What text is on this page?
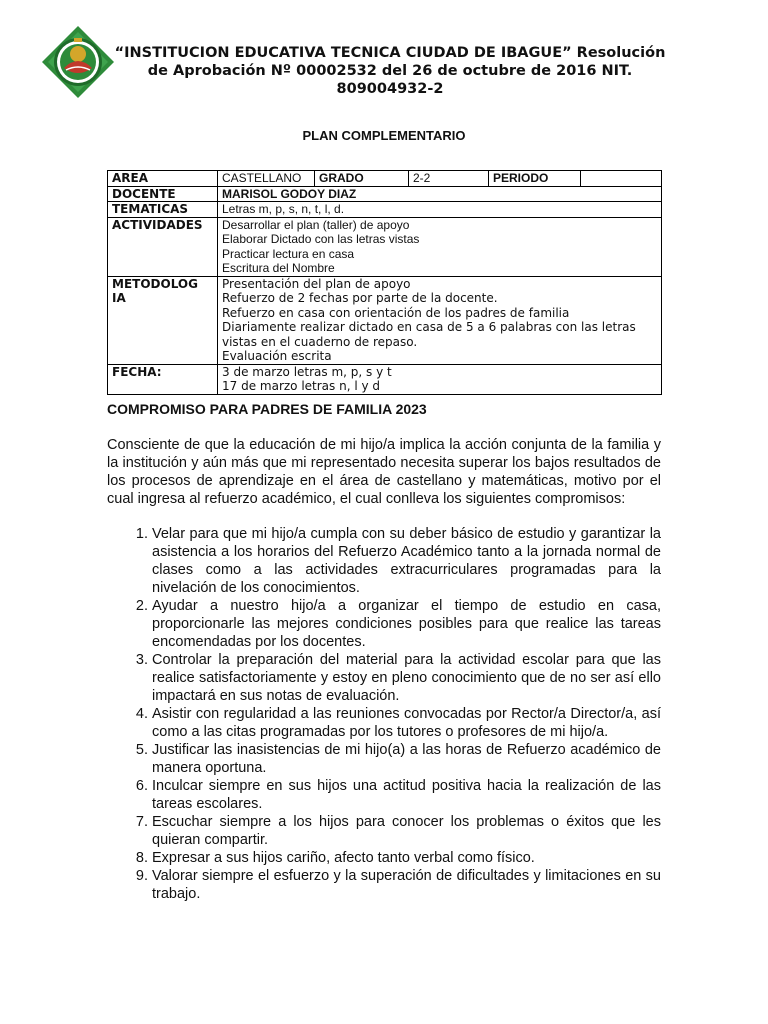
“INSTITUCION EDUCATIVA TECNICA CIUDAD DE IBAGUE” Resolución de Aprobación Nº 00002532 del 26 de octubre de 2016 NIT. 809004932-2
PLAN COMPLEMENTARIO
AREA	CASTELLANO	GRADO	2-2	PERIODO	
DOCENTE	MARISOL GODOY DIAZ				
TEMATICAS	Letras m, p, s, n, t, l, d.				
ACTIVIDADES	Desarrollar el plan (taller) de apoyo
Elaborar Dictado con las letras vistas
Practicar lectura en casa
Escritura del Nombre				

METODOLOG
IA	Presentación del plan de apoyo
Refuerzo de 2 fechas por parte de la docente.
Refuerzo en casa con orientación de los padres de familia
Diariamente realizar dictado en casa de 5 a 6 palabras con las letras vistas en el cuaderno de repaso.
Evaluación escrita				

FECHA:	3 de marzo letras m, p, s y t
17 de marzo letras n, l y d				
COMPROMISO PARA PADRES DE FAMILIA 2023
Consciente de que la educación de mi hijo/a implica la acción conjunta de la familia y la institución y aún más que mi representado necesita superar los bajos resultados de los procesos de aprendizaje en el área de castellano y matemáticas, motivo por el cual ingresa al refuerzo académico, el cual conlleva los siguientes compromisos:
1. Velar para que mi hijo/a cumpla con su deber básico de estudio y garantizar la asistencia a los horarios del Refuerzo Académico tanto a la jornada normal de clases como a las actividades extracurriculares programadas para la nivelación de los conocimientos.
2. Ayudar a nuestro hijo/a a organizar el tiempo de estudio en casa, proporcionarle las mejores condiciones posibles para que realice las tareas encomendadas por los docentes.
3. Controlar la preparación del material para la actividad escolar para que las realice satisfactoriamente y estoy en pleno conocimiento que de no ser así ello impactará en sus notas de evaluación.
4. Asistir con regularidad a las reuniones convocadas por Rector/a Director/a, así como a las citas programadas por los tutores o profesores de mi hijo/a.
5. Justificar las inasistencias de mi hijo(a) a las horas de Refuerzo académico de manera oportuna.
6. Inculcar siempre en sus hijos una actitud positiva hacia la realización de las tareas escolares.
7. Escuchar siempre a los hijos para conocer los problemas o éxitos que les quieran compartir.
8. Expresar a sus hijos cariño, afecto tanto verbal como físico.
9. Valorar siempre el esfuerzo y la superación de dificultades y limitaciones en su trabajo.
